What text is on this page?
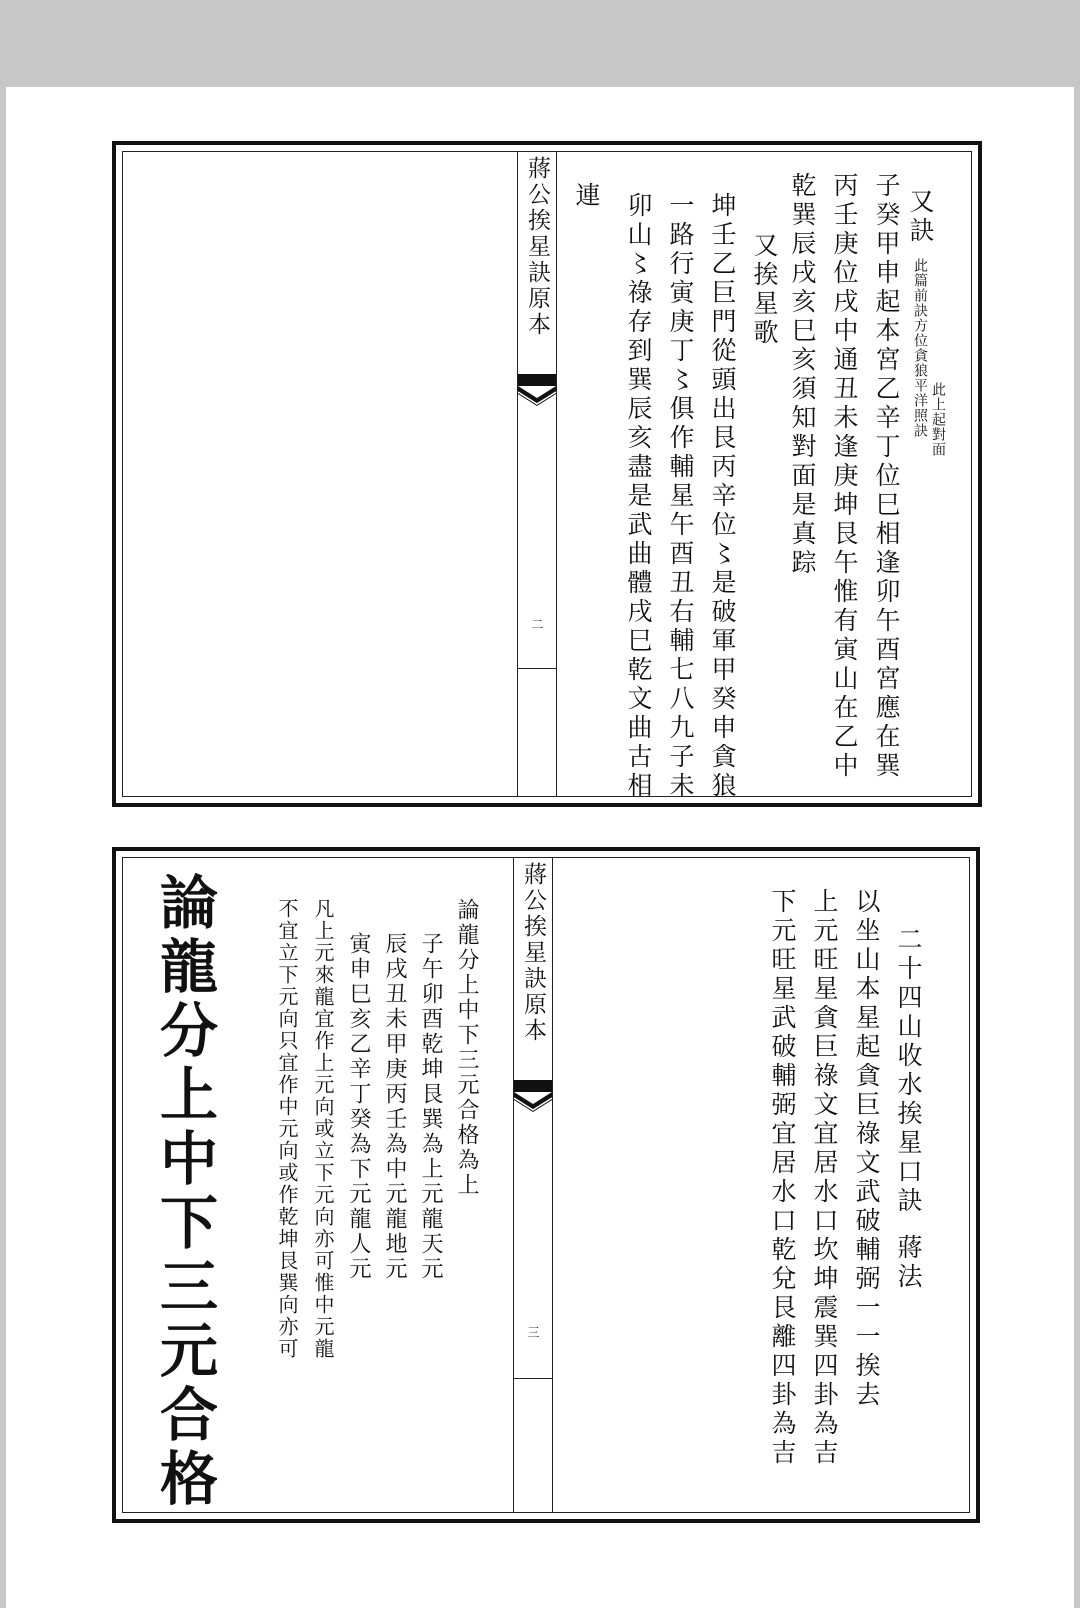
蔣公挨星訣原本
二
又訣 此篇前訣方位貪狼平洋照訣 此上起對面
子癸甲申起本宮乙辛丁位巳相逢卯午酉宮應在巽
丙壬庚位戌中通丑未逢庚坤艮午惟有寅山在乙中
乾巽辰戌亥巳亥須知對面是真踪
又挨星歌
坤壬乙巨門從頭出艮丙辛位〻是破軍甲癸申貪狼
一路行寅庚丁〻俱作輔星午酉丑右輔七八九子未
卯山〻祿存到巽辰亥盡是武曲體戌巳乾文曲古相
連
蔣公挨星訣原本
三
論龍分上中下三元合格	論龍分上中下三元合格為上
子午卯酉乾坤艮巽為上元龍天元
辰戌丑未甲庚丙壬為中元龍地元
寅申巳亥乙辛丁癸為下元龍人元
凡上元來龍宜作上元向或立下元向亦可惟中元龍
不宜立下元向只宜作中元向或作乾坤艮巽向亦可	二十四山收水挨星口訣 蔣法
以坐山本星起貪巨祿文武破輔弼一一挨去
上元旺星貪巨祿文宜居水口坎坤震巽四卦為吉
下元旺星武破輔弼宜居水口乾兌艮離四卦為吉
